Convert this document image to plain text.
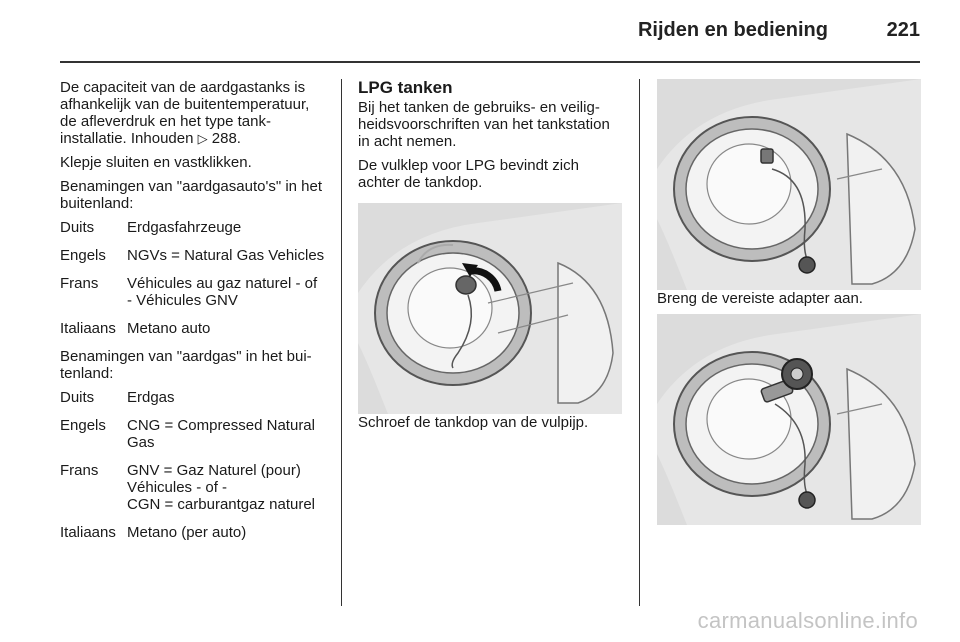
Rijden en bediening	221

De capaciteit van de aardgastanks is afhankelijk van de buitentemperatuur, de afleverdruk en het type tankinstallatie. Inhouden ▷ 288.

Klepje sluiten en vastklikken.

Benamingen van "aardgasauto's" in het buitenland:

Duits	Erdgasfahrzeuge
Engels	NGVs = Natural Gas Vehicles
Frans	Véhicules au gaz naturel - of - Véhicules GNV
Italiaans Metano auto

Benamingen van "aardgas" in het buitenland:

Duits	Erdgas
Engels	CNG = Compressed Natural Gas
Frans	GNV = Gaz Naturel (pour) Véhicules - of -
CGN = carburantgaz naturel
Italiaans Metano (per auto)
LPG tanken

Bij het tanken de gebruiks- en veiligheidsvoorschriften van het tankstation in acht nemen.

De vulklep voor LPG bevindt zich achter de tankdop.

Schroef de tankdop van de vulpijp.

Breng de vereiste adapter aan.

carmanualsonline.info
